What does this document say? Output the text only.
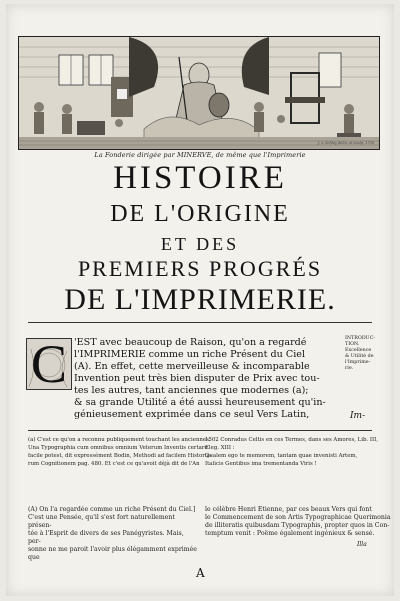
La Fonderie dirigée par MINERVE, de même que l'Imprimerie
J. v. Schley delin. et sculp. 1739
HISTOIRE
DE L'ORIGINE
ET DES
PREMIERS PROGRÉS
DE L'IMPRIMERIE.
C 'EST avec beaucoup de Raison, qu'on a regardé
l'IMPRIMERIE comme un riche Présent du Ciel
(A). En effet, cette merveilleuse & incomparable
Invention peut très bien disputer de Prix avec tou-
tes les autres, tant anciennes que modernes (a);
& sa grande Utilité a été aussi heureusement qu'in-
génieusement exprimée dans ce seul Vers Latin,	Im-
INTRODUC-
TION.
Excellence
& Utilité de
l'Imprime-
rie.
(a) C'est ce qu'on a reconnu publiquement touchant les anciennes.
Una Typographia cum omnibus omnium Veterum Inventis certare
facile potest, dit expressément Bodin, Methodi ad facilem Historia-
rum Cognitionem pag. 480. Et c'est ce qu'avoit déjà dit de l'An
1502 Conradus Celtis en ces Termes, dans ses Amores, Lib. III,
Eleg. XIII :
Qualem ego te memorem, tantam quae invenisti Artem,
Italicis Gentibus ima trementanda Viris !
(A) On l'a regardée comme un riche Présent du Ciel.] C'est une Pensée, qu'il s'est fort naturellement présen-
tée à l'Esprit de divers de ses Panégyristes. Mais, per-
sonne ne me paroit l'avoir plus élégamment exprimée que
le célèbre Henri Etienne, par ces beaux Vers qui font
le Commencement de son Artis Typographicae Querimonia
de illiteratis quibusdam Typographis, propter quos in Con-
temptum venit : Poëme également ingénieux & sensé.
A
Illa
